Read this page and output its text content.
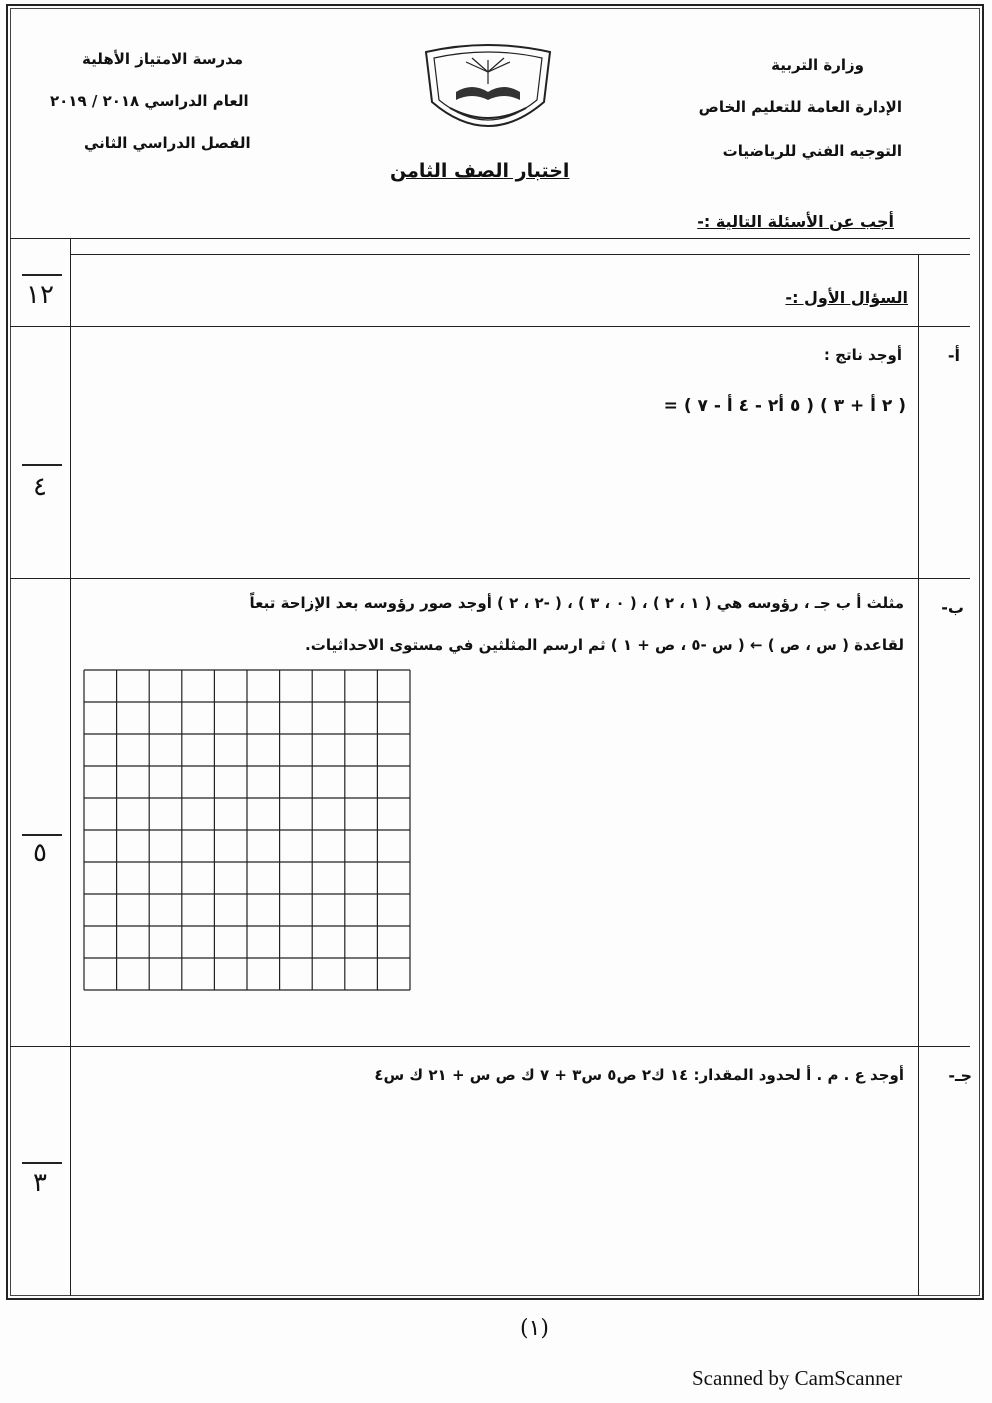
وزارة التربية
الإدارة العامة للتعليم الخاص
التوجيه الفني للرياضيات
مدرسة الامتياز الأهلية
العام الدراسي ٢٠١٨ / ٢٠١٩
الفصل الدراسي الثاني
اختبار الصف الثامن
أجب عن الأسئلة التالية :-
السؤال الأول :-
١٢
أ-
أوجد ناتج :
( ٢ أ + ٣ ) ( ٥ أ٢ - ٤ أ - ٧ ) =
٤
ب-
مثلث أ ب جـ ، رؤوسه هي ( ١ ، ٢ ) ، ( ٠ ، ٣ ) ، ( -٢ ، ٢ ) أوجد صور رؤوسه بعد الإزاحة تبعاً
لقاعدة ( س ، ص ) ← ( س -٥ ، ص + ١ ) ثم ارسم المثلثين في مستوى الاحداثيات.
٥
جـ-
أوجد ع . م . أ لحدود المقدار: ١٤ ك٢ ص٥ س٣ + ٧ ك ص س + ٢١ ك س٤
٣
(١)
Scanned by CamScanner
